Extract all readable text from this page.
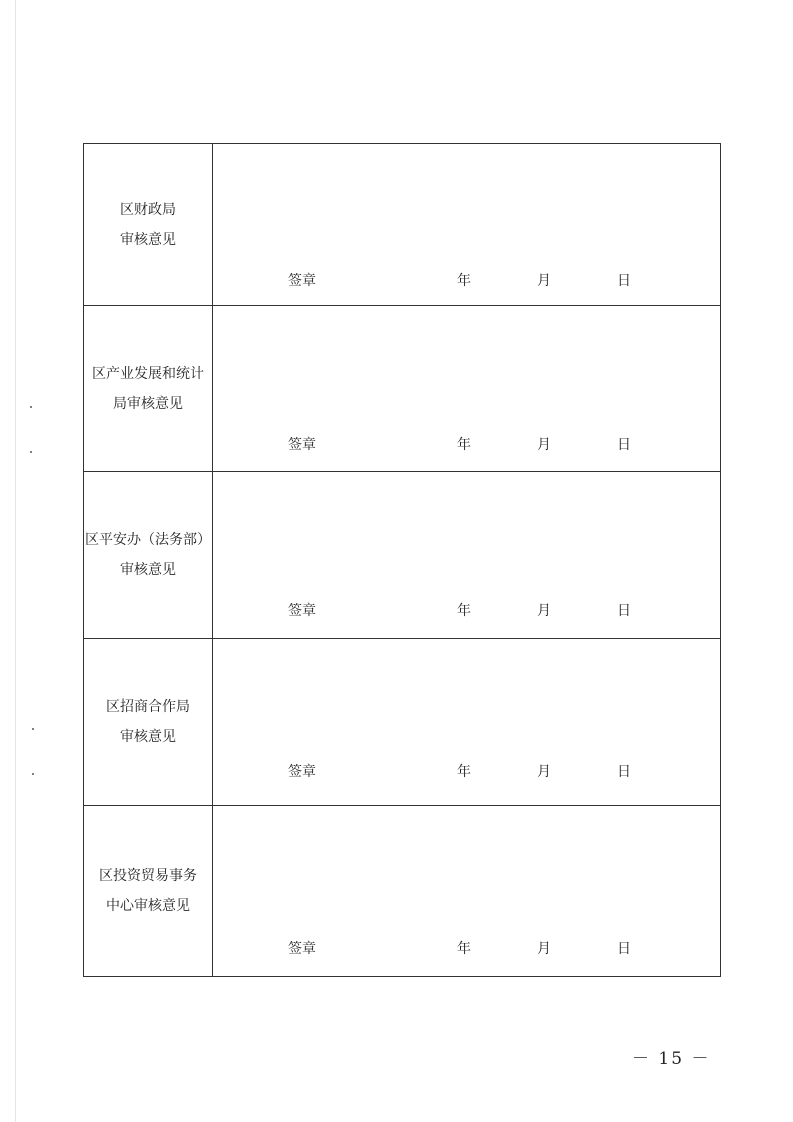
区财政局
审核意见
签章	年	月	日
区产业发展和统计
局审核意见
签章	年	月	日
区平安办（法务部）
审核意见
签章	年	月	日
区招商合作局
审核意见
签章	年	月	日
区投资贸易事务
中心审核意见
签章	年	月	日
－ 15 －
